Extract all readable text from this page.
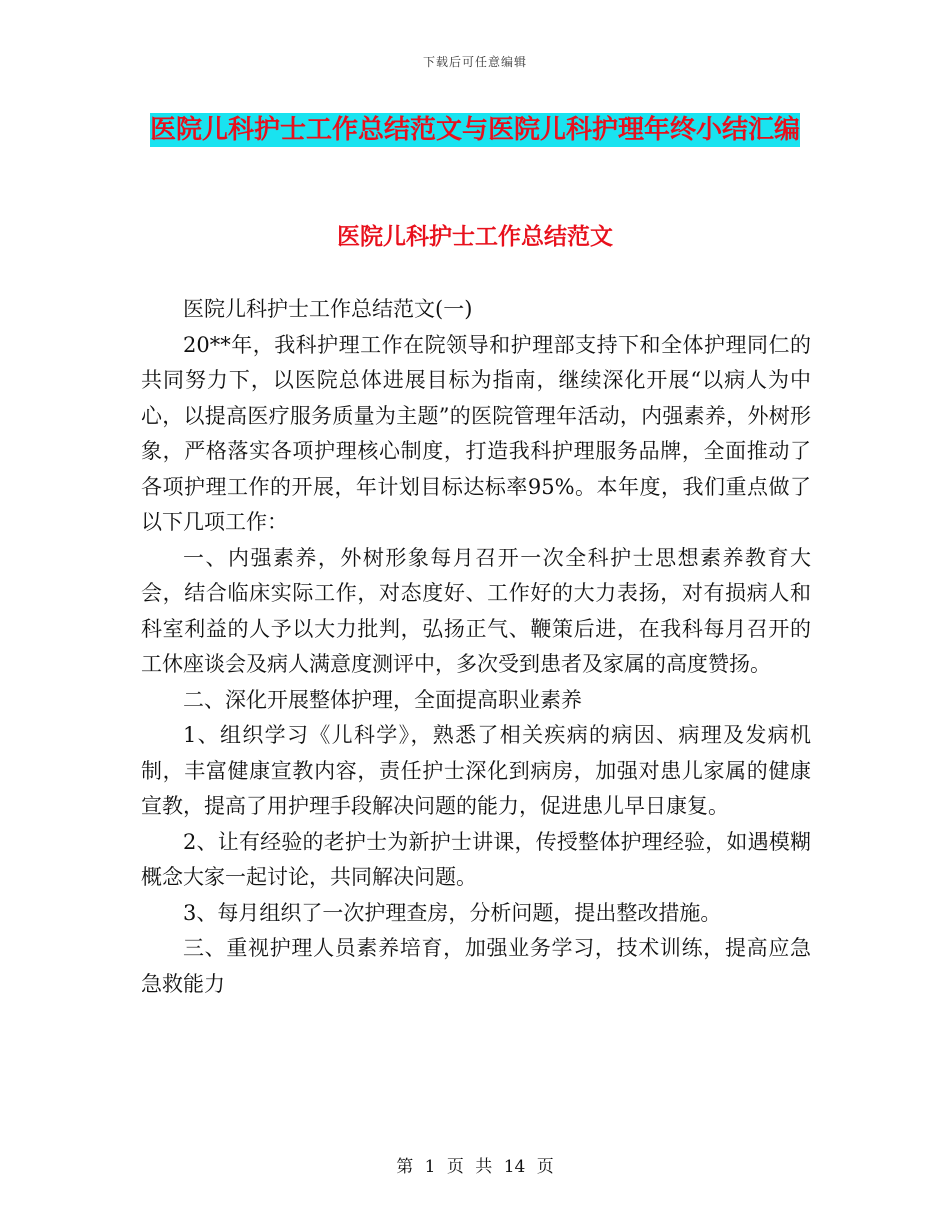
下载后可任意编辑
医院儿科护士工作总结范文与医院儿科护理年终小结汇编
医院儿科护士工作总结范文

医院儿科护士工作总结范文(一)

20**年，我科护理工作在院领导和护理部支持下和全体护理同仁的共同努力下，以医院总体进展目标为指南，继续深化开展“以病人为中心，以提高医疗服务质量为主题”的医院管理年活动，内强素养，外树形象，严格落实各项护理核心制度，打造我科护理服务品牌，全面推动了各项护理工作的开展，年计划目标达标率95%。本年度，我们重点做了以下几项工作：

一、内强素养，外树形象每月召开一次全科护士思想素养教育大会，结合临床实际工作，对态度好、工作好的大力表扬，对有损病人和科室利益的人予以大力批判，弘扬正气、鞭策后进，在我科每月召开的工休座谈会及病人满意度测评中，多次受到患者及家属的高度赞扬。

二、深化开展整体护理，全面提高职业素养

1、组织学习《儿科学》，熟悉了相关疾病的病因、病理及发病机制，丰富健康宣教内容，责任护士深化到病房，加强对患儿家属的健康宣教，提高了用护理手段解决问题的能力，促进患儿早日康复。

2、让有经验的老护士为新护士讲课，传授整体护理经验，如遇模糊概念大家一起讨论，共同解决问题。

3、每月组织了一次护理查房，分析问题，提出整改措施。

三、重视护理人员素养培育，加强业务学习，技术训练，提高应急急救能力

第 1 页 共 14 页
